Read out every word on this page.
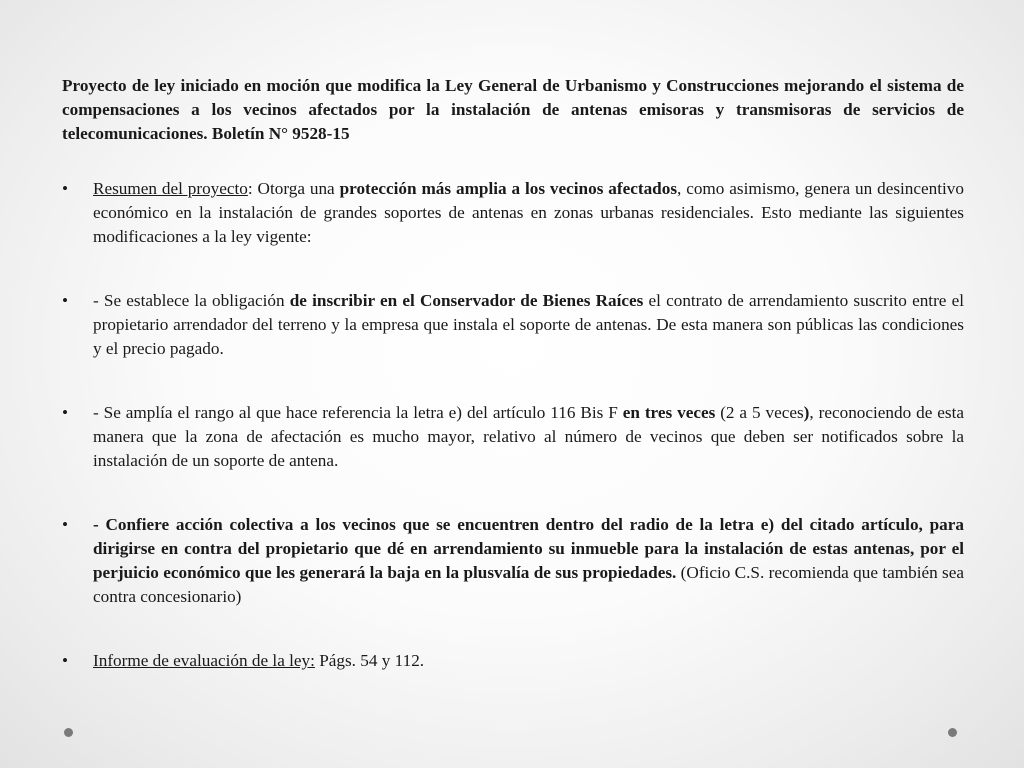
Proyecto de ley iniciado en moción que modifica la Ley General de Urbanismo y Construcciones mejorando el sistema de compensaciones a los vecinos afectados por la instalación de antenas emisoras y transmisoras de servicios de telecomunicaciones. Boletín N° 9528-15

•	Resumen del proyecto: Otorga una protección más amplia a los vecinos afectados, como asimismo, genera un desincentivo económico en la instalación de grandes soportes de antenas en zonas urbanas residenciales. Esto mediante las siguientes modificaciones a la ley vigente:
•	- Se establece la obligación de inscribir en el Conservador de Bienes Raíces el contrato de arrendamiento suscrito entre el propietario arrendador del terreno y la empresa que instala el soporte de antenas. De esta manera son públicas las condiciones y el precio pagado.
•	- Se amplía el rango al que hace referencia la letra e) del artículo 116 Bis F en tres veces (2 a 5 veces), reconociendo de esta manera que la zona de afectación es mucho mayor, relativo al número de vecinos que deben ser notificados sobre la instalación de un soporte de antena.
•	- Confiere acción colectiva a los vecinos que se encuentren dentro del radio de la letra e) del citado artículo, para dirigirse en contra del propietario que dé en arrendamiento su inmueble para la instalación de estas antenas, por el perjuicio económico que les generará la baja en la plusvalía de sus propiedades. (Oficio C.S. recomienda que también sea contra concesionario)
•	Informe de evaluación de la ley: Págs. 54 y 112.
